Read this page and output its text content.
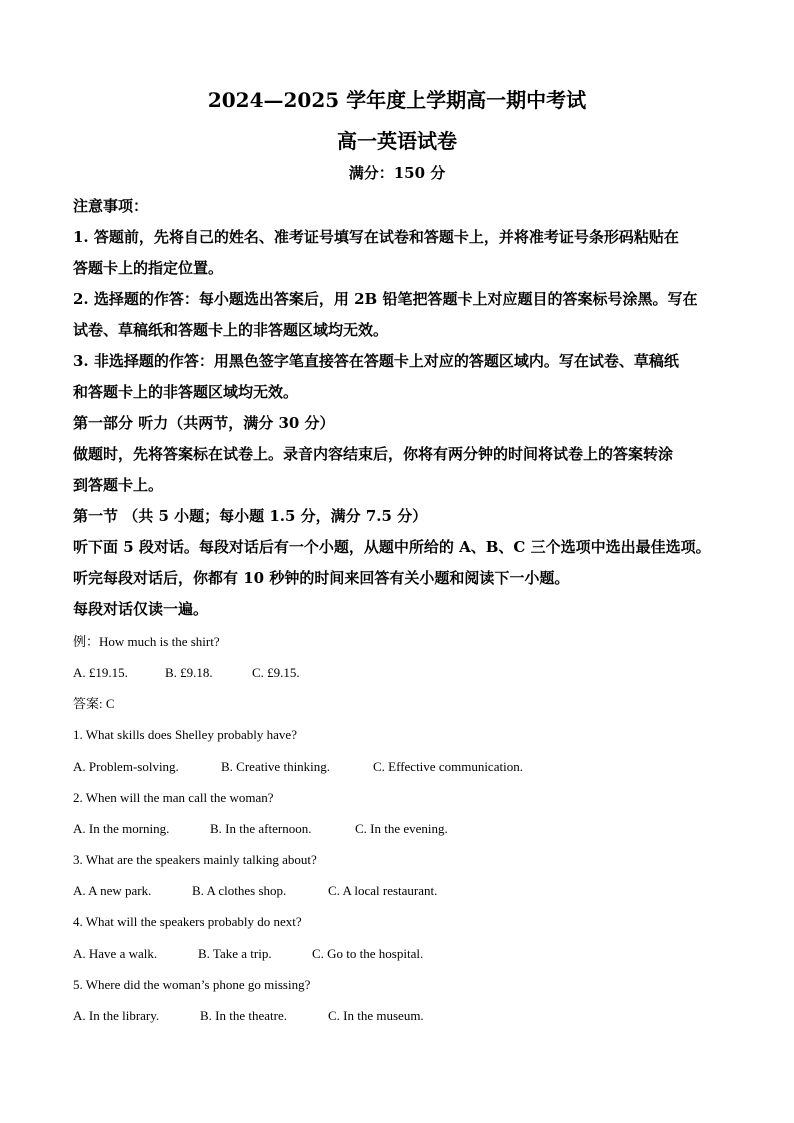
2024—2025 学年度上学期高一期中考试
高一英语试卷
满分：150 分
注意事项：
1. 答题前，先将自己的姓名、准考证号填写在试卷和答题卡上，并将准考证号条形码粘贴在
答题卡上的指定位置。
2. 选择题的作答：每小题选出答案后，用 2B 铅笔把答题卡上对应题目的答案标号涂黑。写在
试卷、草稿纸和答题卡上的非答题区域均无效。
3. 非选择题的作答：用黑色签字笔直接答在答题卡上对应的答题区域内。写在试卷、草稿纸
和答题卡上的非答题区域均无效。
第一部分 听力（共两节，满分 30 分）
做题时，先将答案标在试卷上。录音内容结束后，你将有两分钟的时间将试卷上的答案转涂
到答题卡上。
第一节 （共 5 小题；每小题 1.5 分，满分 7.5 分）
听下面 5 段对话。每段对话后有一个小题，从题中所给的 A、B、C 三个选项中选出最佳选项。
听完每段对话后，你都有 10 秒钟的时间来回答有关小题和阅读下一小题。
每段对话仅读一遍。
例：How much is the shirt?
A. £19.15.	B. £9.18.	C. £9.15.
答案: C
1. What skills does Shelley probably have?
A. Problem-solving.	B. Creative thinking.	C. Effective communication.
2. When will the man call the woman?
A. In the morning.	B. In the afternoon.	C. In the evening.
3. What are the speakers mainly talking about?
A. A new park.	B. A clothes shop.	C. A local restaurant.
4. What will the speakers probably do next?
A. Have a walk.	B. Take a trip.	C. Go to the hospital.
5. Where did the woman’s phone go missing?
A. In the library.	B. In the theatre.	C. In the museum.
